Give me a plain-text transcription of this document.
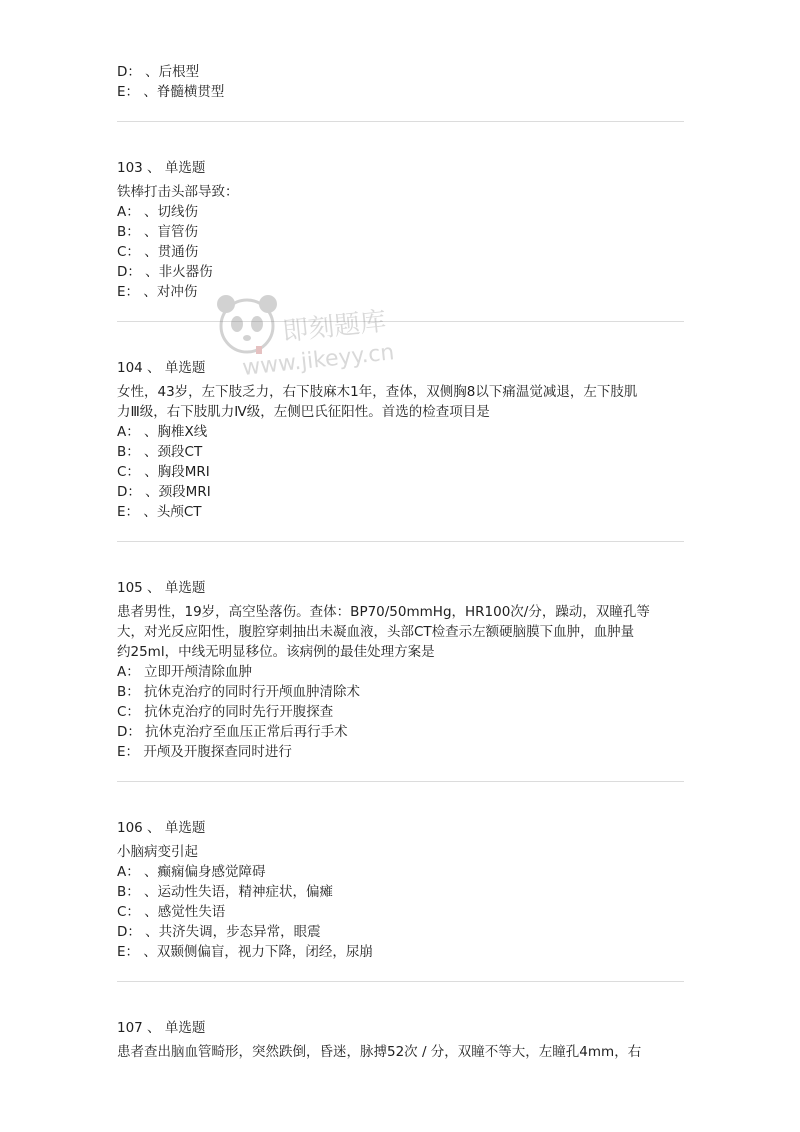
D： 、后根型
E： 、脊髓横贯型
103 、 单选题
铁棒打击头部导致：
A： 、切线伤
B： 、盲管伤
C： 、贯通伤
D： 、非火器伤
E： 、对冲伤
104 、 单选题
女性，43岁，左下肢乏力，右下肢麻木1年，查体，双侧胸8以下痛温觉减退，左下肢肌
力Ⅲ级，右下肢肌力Ⅳ级，左侧巴氏征阳性。首选的检查项目是
A： 、胸椎X线
B： 、颈段CT
C： 、胸段MRI
D： 、颈段MRI
E： 、头颅CT
105 、 单选题
患者男性，19岁，高空坠落伤。查体：BP70/50mmHg，HR100次/分，躁动，双瞳孔等
大，对光反应阳性，腹腔穿刺抽出未凝血液，头部CT检查示左额硬脑膜下血肿，血肿量
约25ml，中线无明显移位。该病例的最佳处理方案是
A： 立即开颅清除血肿
B： 抗休克治疗的同时行开颅血肿清除术
C： 抗休克治疗的同时先行开腹探查
D： 抗休克治疗至血压正常后再行手术
E： 开颅及开腹探查同时进行
106 、 单选题
小脑病变引起
A： 、癫痫偏身感觉障碍
B： 、运动性失语，精神症状，偏瘫
C： 、感觉性失语
D： 、共济失调，步态异常，眼震
E： 、双颞侧偏盲，视力下降，闭经，尿崩
107 、 单选题
患者查出脑血管畸形，突然跌倒，昏迷，脉搏52次 / 分，双瞳不等大，左瞳孔4mm，右
即刻题库
www.jikeyy.cn
